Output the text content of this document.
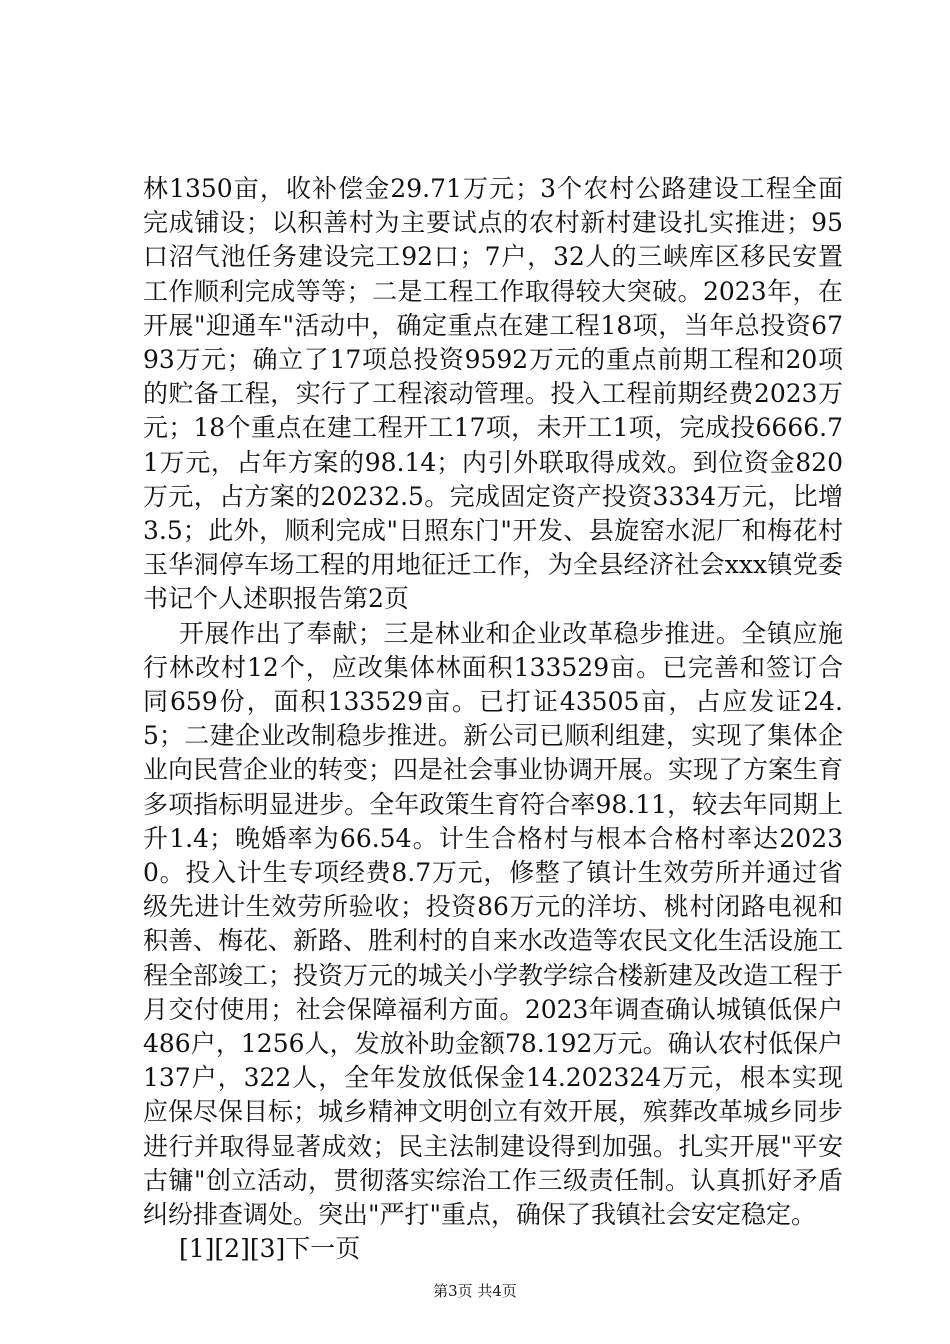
林1350亩，收补偿金29.71万元；3个农村公路建设工程全面完成铺设；以积善村为主要试点的农村新村建设扎实推进；95口沼气池任务建设完工92口；7户，32人的三峡库区移民安置工作顺利完成等等；二是工程工作取得较大突破。2023年，在开展"迎通车"活动中，确定重点在建工程18项，当年总投资6793万元；确立了17项总投资9592万元的重点前期工程和20项的贮备工程，实行了工程滚动管理。投入工程前期经费2023万元；18个重点在建工程开工17项，未开工1项，完成投6666.71万元，占年方案的98.14；内引外联取得成效。到位资金820万元，占方案的20232.5。完成固定资产投资3334万元，比增3.5；此外，顺利完成"日照东门"开发、县旋窑水泥厂和梅花村玉华洞停车场工程的用地征迁工作，为全县经济社会xxx镇党委书记个人述职报告第2页

开展作出了奉献；三是林业和企业改革稳步推进。全镇应施行林改村12个，应改集体林面积133529亩。已完善和签订合同659份，面积133529亩。已打证43505亩，占应发证24.5；二建企业改制稳步推进。新公司已顺利组建，实现了集体企业向民营企业的转变；四是社会事业协调开展。实现了方案生育多项指标明显进步。全年政策生育符合率98.11，较去年同期上升1.4；晚婚率为66.54。计生合格村与根本合格村率达20230。投入计生专项经费8.7万元，修整了镇计生效劳所并通过省级先进计生效劳所验收；投资86万元的洋坊、桃村闭路电视和积善、梅花、新路、胜利村的自来水改造等农民文化生活设施工程全部竣工；投资万元的城关小学教学综合楼新建及改造工程于月交付使用；社会保障福利方面。2023年调查确认城镇低保户486户，1256人，发放补助金额78.192万元。确认农村低保户137户，322人，全年发放低保金14.202324万元，根本实现应保尽保目标；城乡精神文明创立有效开展，殡葬改革城乡同步进行并取得显著成效；民主法制建设得到加强。扎实开展"平安古镛"创立活动，贯彻落实综治工作三级责任制。认真抓好矛盾纠纷排查调处。突出"严打"重点，确保了我镇社会安定稳定。

[1][2][3]下一页

第3页 共4页
